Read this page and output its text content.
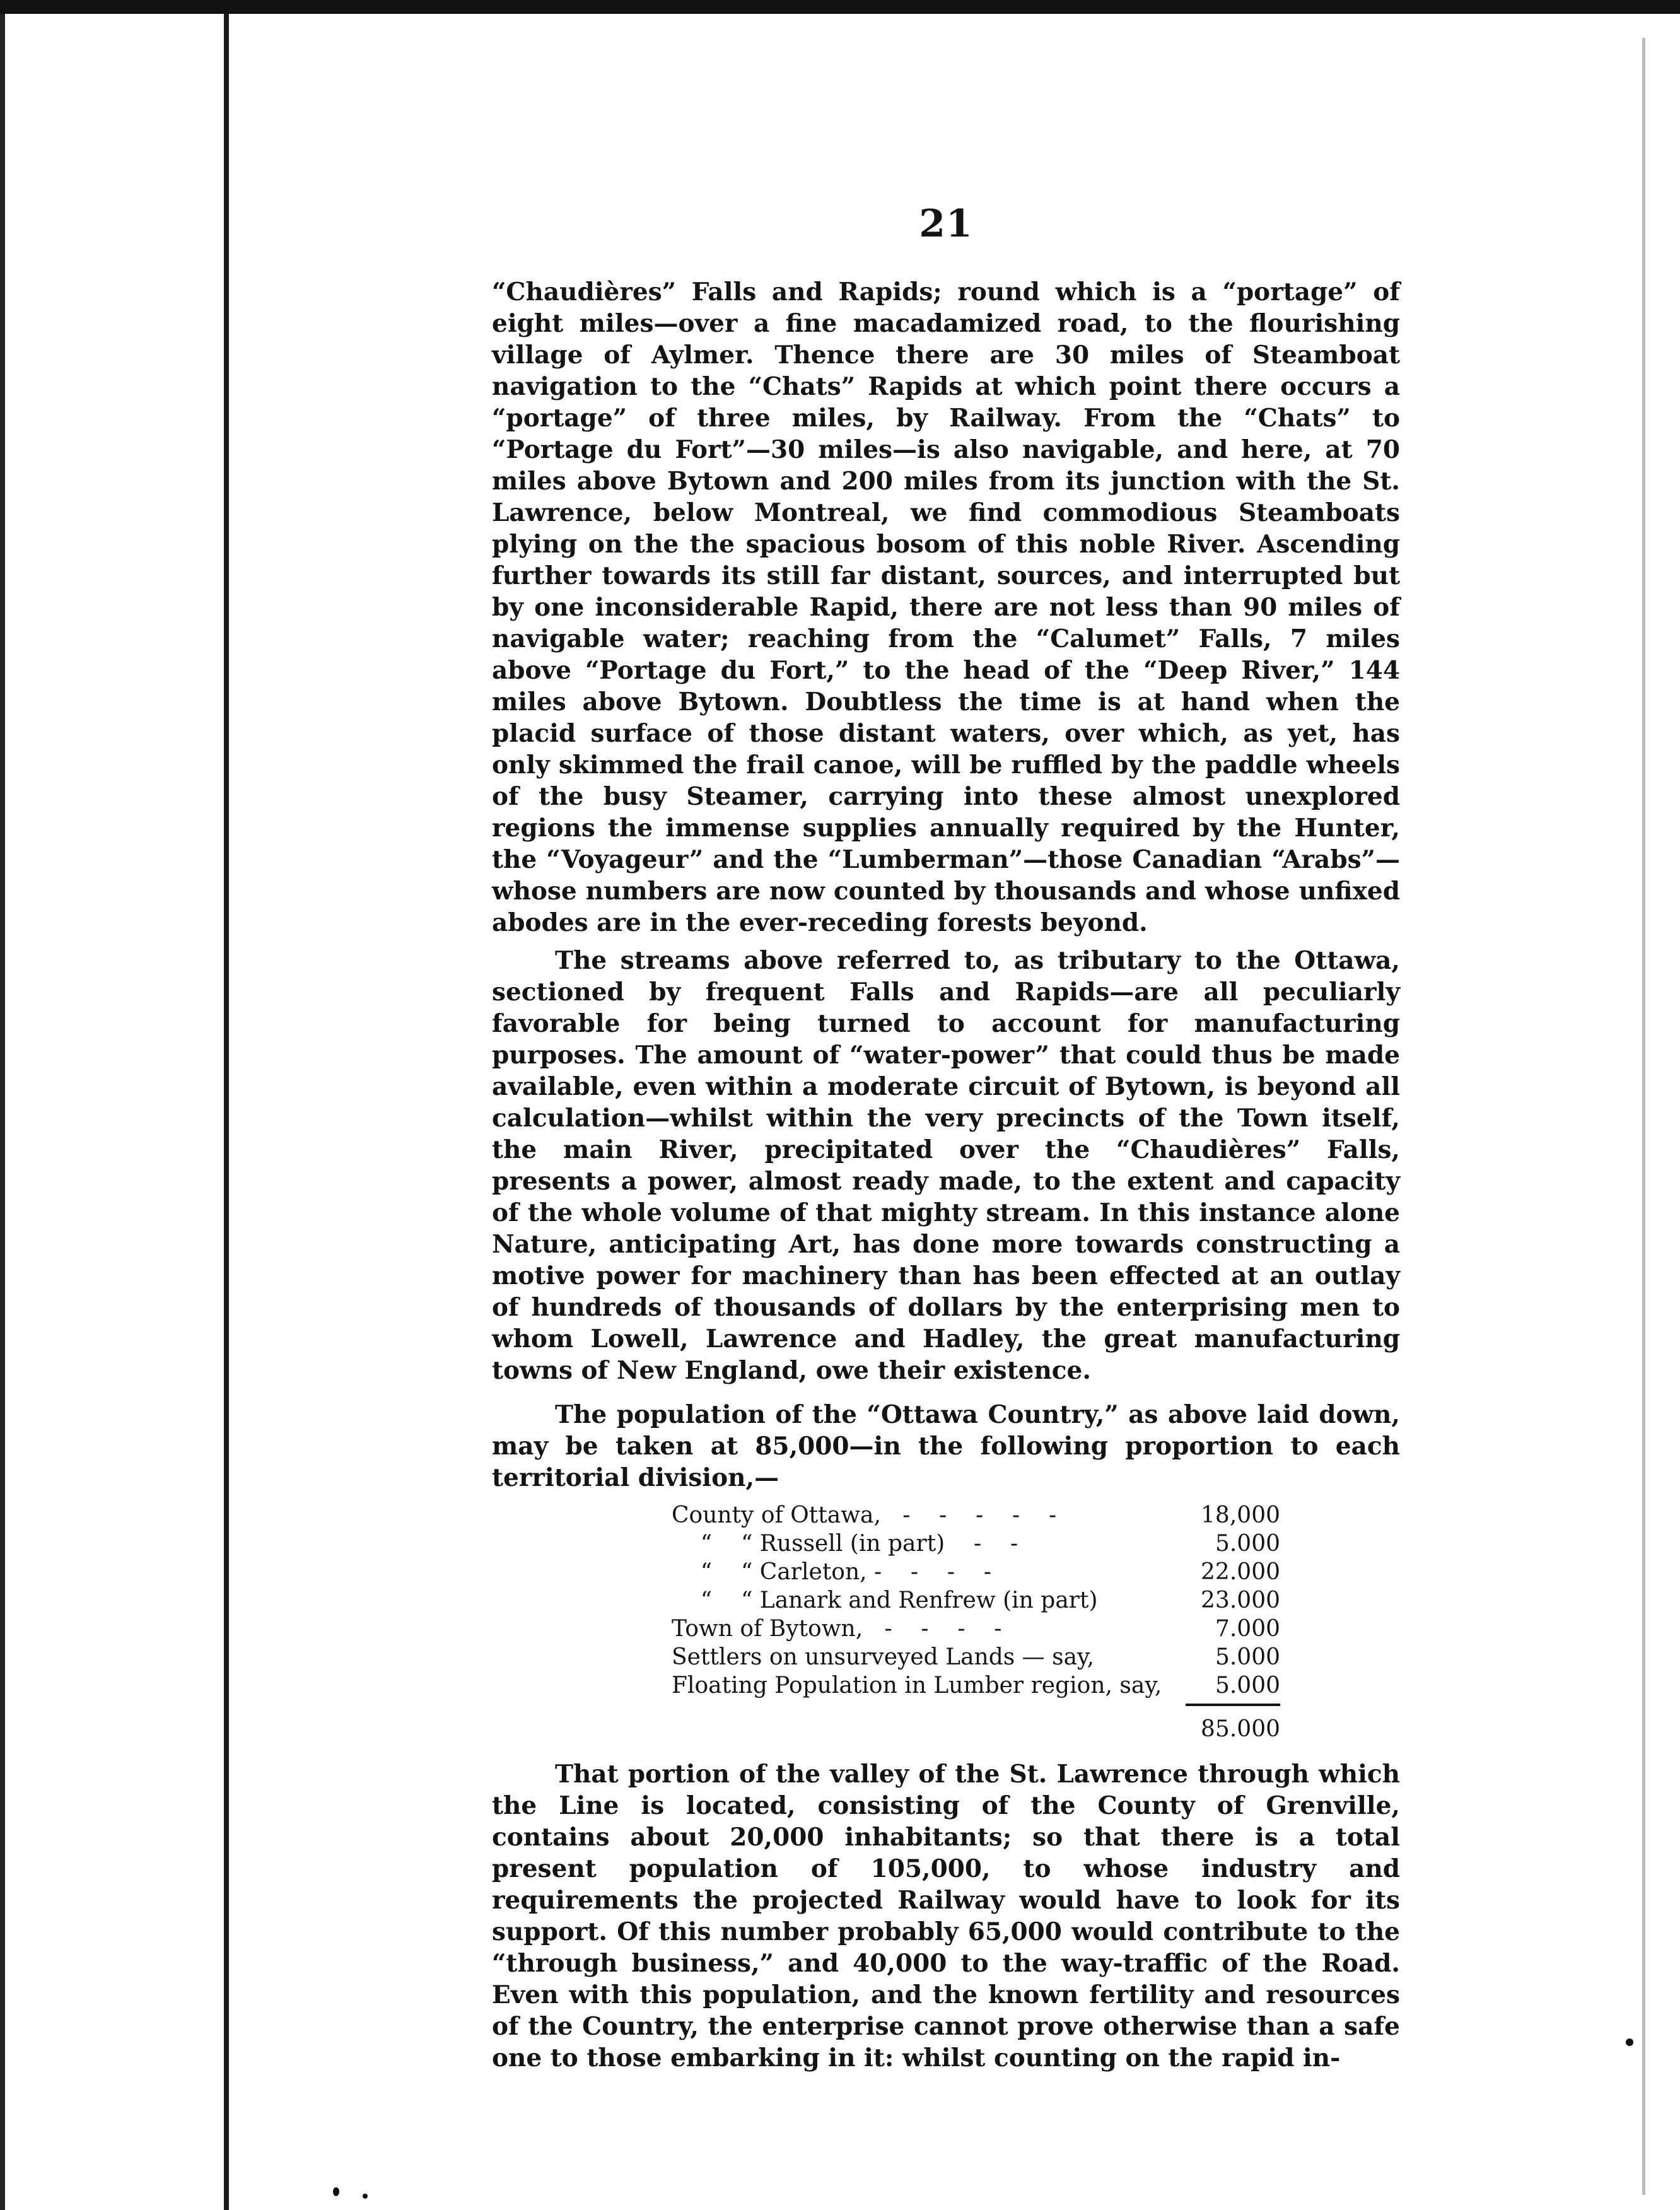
21

“Chaudières” Falls and Rapids; round which is a “portage” of eight miles—over a fine macadamized road, to the flourishing village of Aylmer. Thence there are 30 miles of Steamboat navigation to the “Chats” Rapids at which point there occurs a “portage” of three miles, by Railway. From the “Chats” to “Portage du Fort”—30 miles—is also navigable, and here, at 70 miles above Bytown and 200 miles from its junction with the St. Lawrence, below Montreal, we find commodious Steamboats plying on the the spacious bosom of this noble River. Ascending further towards its still far distant, sources, and interrupted but by one inconsiderable Rapid, there are not less than 90 miles of navigable water; reaching from the “Calumet” Falls, 7 miles above “Portage du Fort,” to the head of the “Deep River,” 144 miles above Bytown. Doubtless the time is at hand when the placid surface of those distant waters, over which, as yet, has only skimmed the frail canoe, will be ruffled by the paddle wheels of the busy Steamer, carrying into these almost unexplored regions the immense supplies annually required by the Hunter, the “Voyageur” and the “Lumberman”—those Canadian “Arabs”—whose numbers are now counted by thousands and whose unfixed abodes are in the ever-receding forests beyond.

The streams above referred to, as tributary to the Ottawa, sectioned by frequent Falls and Rapids—are all peculiarly favorable for being turned to account for manufacturing purposes. The amount of “water-power” that could thus be made available, even within a moderate circuit of Bytown, is beyond all calculation—whilst within the very precincts of the Town itself, the main River, precipitated over the “Chaudières” Falls, presents a power, almost ready made, to the extent and capacity of the whole volume of that mighty stream. In this instance alone Nature, anticipating Art, has done more towards constructing a motive power for machinery than has been effected at an outlay of hundreds of thousands of dollars by the enterprising men to whom Lowell, Lawrence and Hadley, the great manufacturing towns of New England, owe their existence.

The population of the “Ottawa Country,” as above laid down, may be taken at 85,000—in the following proportion to each territorial division,—

County of Ottawa,   -    -    -    -    -	18,000
“    “ Russell (in part)    -    -	5.000
“    “ Carleton, -    -    -    -	22.000
“    “ Lanark and Renfrew (in part)	23.000
Town of Bytown,   -    -    -    -	7.000
Settlers on unsurveyed Lands — say,	5.000
Floating Population in Lumber region, say,	5.000
85.000

That portion of the valley of the St. Lawrence through which the Line is located, consisting of the County of Grenville, contains about 20,000 inhabitants; so that there is a total present population of 105,000, to whose industry and requirements the projected Railway would have to look for its support. Of this number probably 65,000 would contribute to the “through business,” and 40,000 to the way-traffic of the Road. Even with this population, and the known fertility and resources of the Country, the enterprise cannot prove otherwise than a safe one to those embarking in it: whilst counting on the rapid in-
